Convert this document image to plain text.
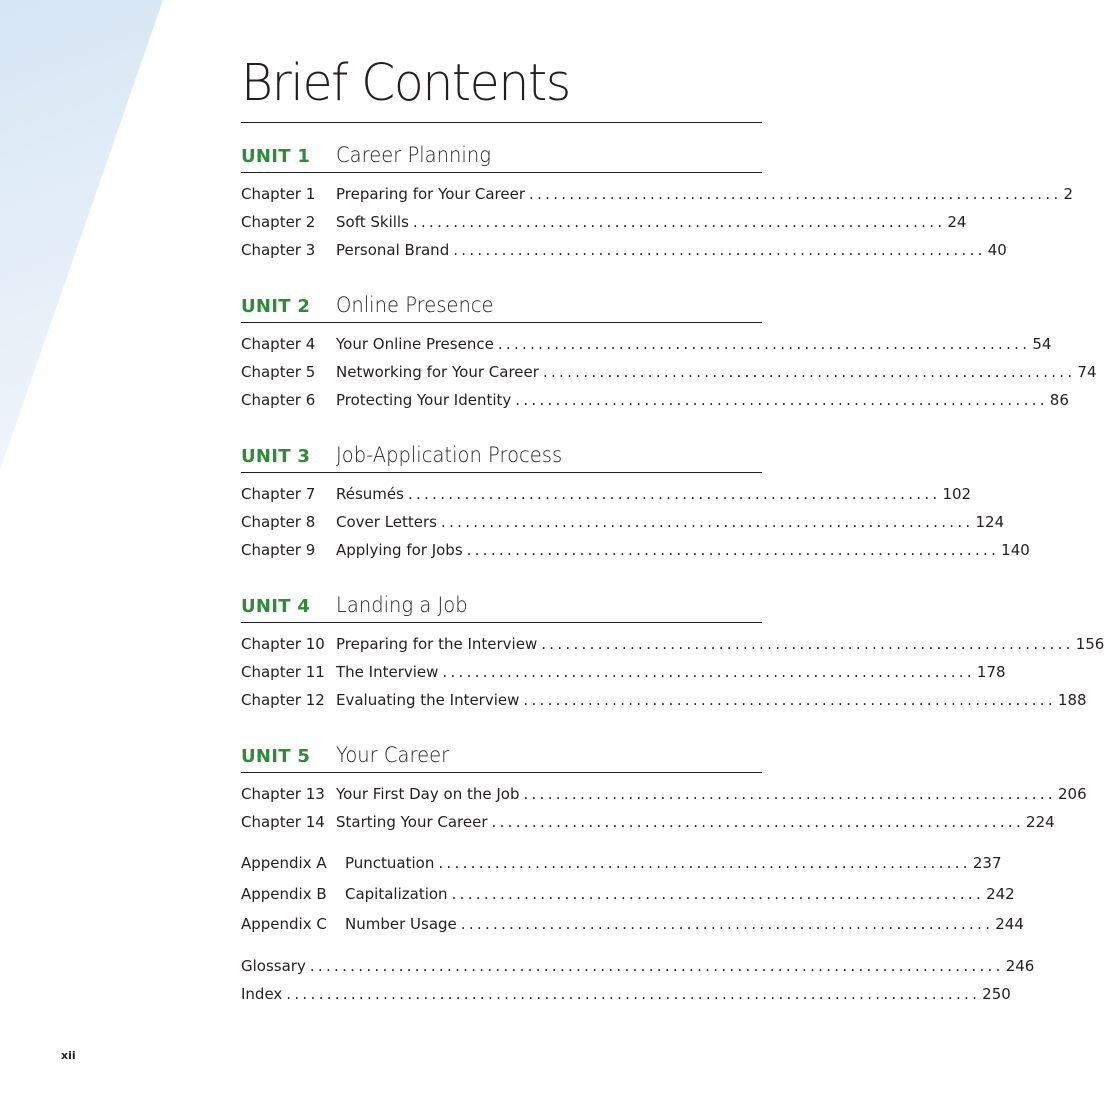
Brief Contents
UNIT 1 Career Planning
Chapter 1 Preparing for Your Career .................................................................. 2
Chapter 2 Soft Skills .................................................................. 24
Chapter 3 Personal Brand .................................................................. 40
UNIT 2 Online Presence
Chapter 4 Your Online Presence .................................................................. 54
Chapter 5 Networking for Your Career .................................................................. 74
Chapter 6 Protecting Your Identity .................................................................. 86
UNIT 3 Job-Application Process
Chapter 7 Résumés .................................................................. 102
Chapter 8 Cover Letters .................................................................. 124
Chapter 9 Applying for Jobs .................................................................. 140
UNIT 4 Landing a Job
Chapter 10 Preparing for the Interview .................................................................. 156
Chapter 11 The Interview .................................................................. 178
Chapter 12 Evaluating the Interview .................................................................. 188
UNIT 5 Your Career
Chapter 13 Your First Day on the Job .................................................................. 206
Chapter 14 Starting Your Career .................................................................. 224
Appendix A Punctuation .................................................................. 237
Appendix B Capitalization .................................................................. 242
Appendix C Number Usage .................................................................. 244
Glossary ...................................................................................... 246
Index ...................................................................................... 250
xii
